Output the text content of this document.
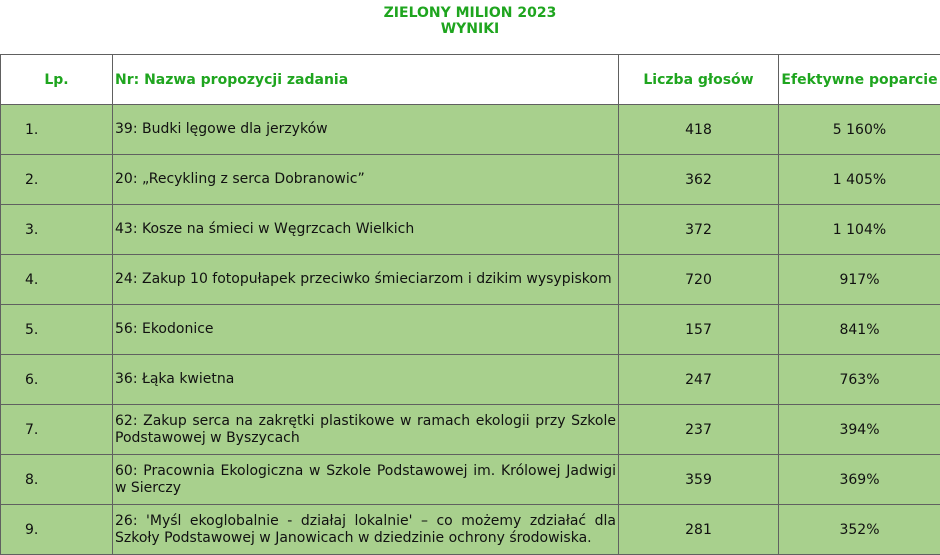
ZIELONY MILION 2023
WYNIKI
Lp.	Nr: Nazwa propozycji zadania	Liczba głosów	Efektywne poparcie
1.	39: Budki lęgowe dla jerzyków	418	5 160%
2.	20: „Recykling z serca Dobranowic”	362	1 405%
3.	43: Kosze na śmieci w Węgrzcach Wielkich	372	1 104%
4.	24: Zakup 10 fotopułapek przeciwko śmieciarzom i dzikim wysypiskom	720	917%
5.	56: Ekodonice	157	841%
6.	36: Łąka kwietna	247	763%
7.	62: Zakup serca na zakrętki plastikowe w ramach ekologii przy Szkole Podstawowej w Byszycach	237	394%
8.	60: Pracownia Ekologiczna w Szkole Podstawowej im. Królowej Jadwigi w Sierczy	359	369%
9.	26: 'Myśl ekoglobalnie - działaj lokalnie' – co możemy zdziałać dla Szkoły Podstawowej w Janowicach w dziedzinie ochrony środowiska.	281	352%
